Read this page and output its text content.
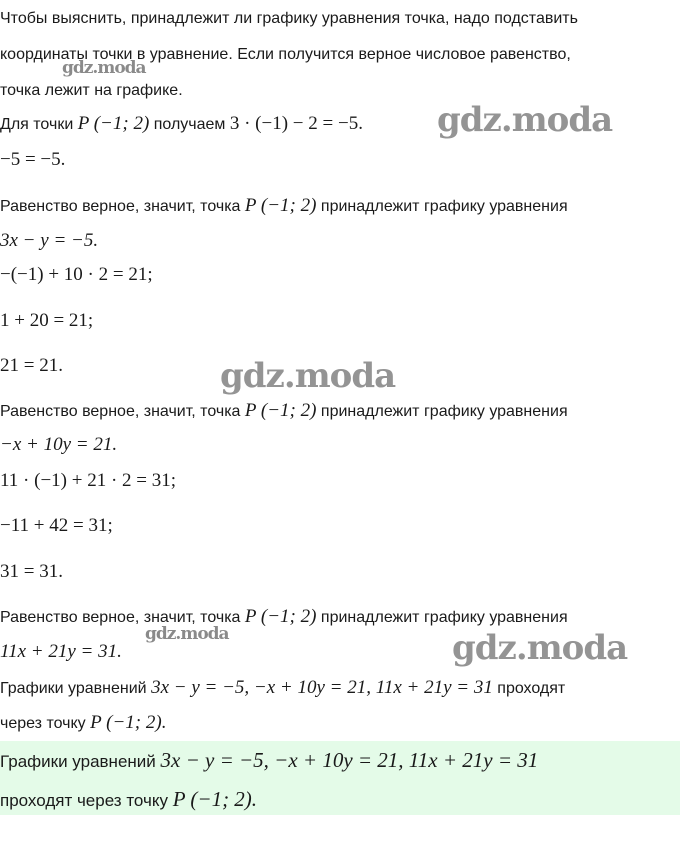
Чтобы выяснить, принадлежит ли графику уравнения точка, надо подставить
координаты точки в уравнение. Если получится верное числовое равенство,
точка лежит на графике.
Для точки P (−1; 2) получаем 3 · (−1) − 2 = −5.
−5 = −5.
Равенство верное, значит, точка P (−1; 2) принадлежит графику уравнения
3x − y = −5.
−(−1) + 10 · 2 = 21;
1 + 20 = 21;
21 = 21.
Равенство верное, значит, точка P (−1; 2) принадлежит графику уравнения
−x + 10y = 21.
11 · (−1) + 21 · 2 = 31;
−11 + 42 = 31;
31 = 31.
Равенство верное, значит, точка P (−1; 2) принадлежит графику уравнения
11x + 21y = 31.
Графики уравнений 3x − y = −5, −x + 10y = 21, 11x + 21y = 31 проходят
через точку P (−1; 2).
Графики уравнений 3x − y = −5, −x + 10y = 21, 11x + 21y = 31
проходят через точку P (−1; 2).
gdz.moda
gdz.moda
gdz.moda
gdz.moda	gdz.moda
